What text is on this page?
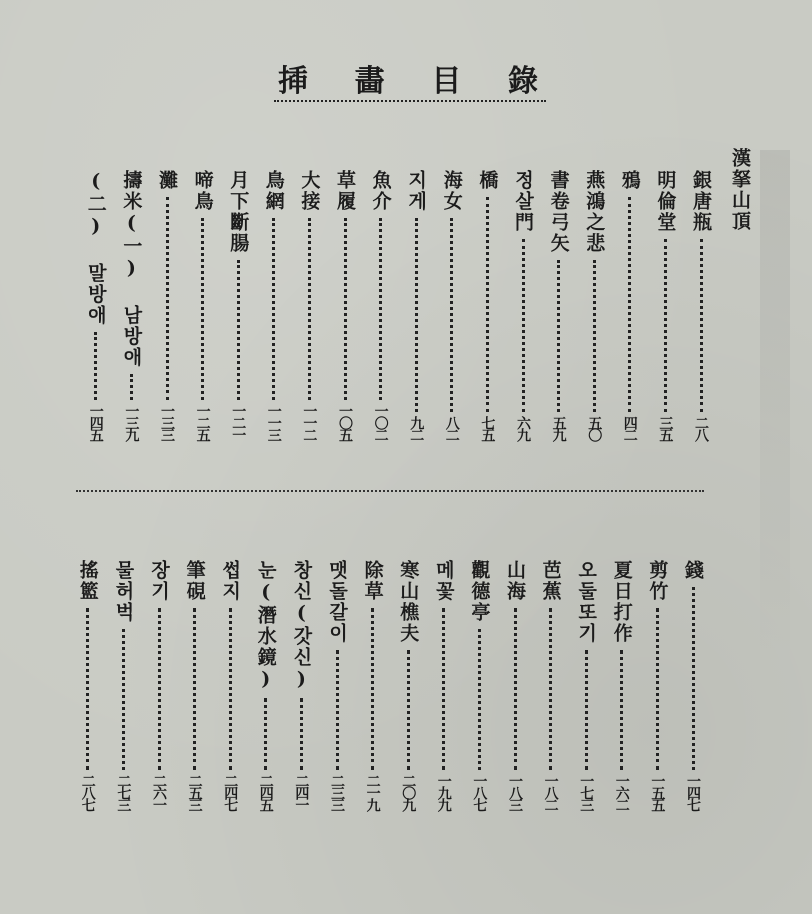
揷 畵 目 錄
漢拏山頂
銀唐瓶
二八
明倫堂
三五
鴉
四二
燕鴻之悲
五〇
書卷弓矢
五九
정살門
六九
橋
七五
海女
八二
지게
九二
魚介
一〇二
草履
一〇五
大接
一一二
鳥網
一一三
月下斷腸
一二一
啼鳥
一二五
灘
一三三
擣米(一) 남방애
一三九
(二) 말방애
一四五
錢
一四七
剪竹
一五五
夏日打作
一六二
오둘또기
一七三
芭蕉
一八二
山海
一八三
觀德亭
一八七
메꽃
一九九
寒山樵夫
二〇九
除草
二一九
맷돌갈이
二三三
창신(갓신)
二四一
눈(潛水鏡)
二四五
썹지
二四七
筆硯
二五三
장기
二六一
물허벅
二七三
搖籃
二八七
